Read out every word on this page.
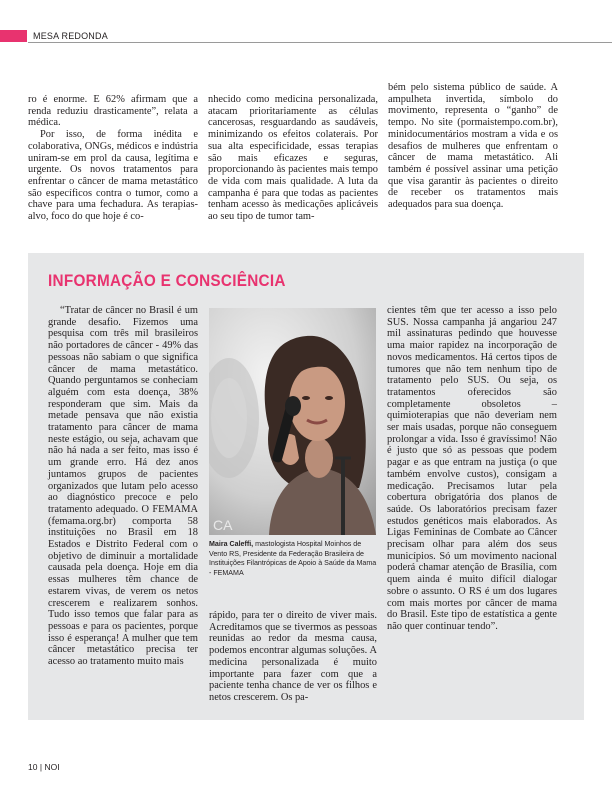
MESA REDONDA

ro é enorme. E 62% afirmam que a renda reduziu drasticamente”, relata a médica.

Por isso, de forma inédita e colaborativa, ONGs, médicos e indústria uniram-se em prol da causa, legítima e urgente. Os novos tratamentos para enfrentar o câncer de mama metastático são específicos contra o tumor, como a chave para uma fechadura. As terapias-alvo, foco do que hoje é co-

nhecido como medicina personalizada, atacam prioritariamente as células cancerosas, resguardando as saudáveis, minimizando os efeitos colaterais. Por sua alta especificidade, essas terapias são mais eficazes e seguras, proporcionando às pacientes mais tempo de vida com mais qualidade. A luta da campanha é para que todas as pacientes tenham acesso às medicações aplicáveis ao seu tipo de tumor tam-

bém pelo sistema público de saúde. A ampulheta invertida, símbolo do movimento, representa o “ganho” de tempo. No site (pormaistempo.com.br), minidocumentários mostram a vida e os desafios de mulheres que enfrentam o câncer de mama metastático. Ali também é possível assinar uma petição que visa garantir às pacientes o direito de receber os tratamentos mais adequados para sua doença.

INFORMAÇÃO E CONSCIÊNCIA

“Tratar de câncer no Brasil é um grande desafio. Fizemos uma pesquisa com três mil brasileiros não portadores de câncer - 49% das pessoas não sabiam o que significa câncer de mama metastático. Quando perguntamos se conheciam alguém com esta doença, 38% responderam que sim. Mais da metade pensava que não existia tratamento para câncer de mama neste estágio, ou seja, achavam que não há nada a ser feito, mas isso é um grande erro. Há dez anos juntamos grupos de pacientes organizados que lutam pelo acesso ao diagnóstico precoce e pelo tratamento adequado. O FEMAMA (femama.org.br) comporta 58 instituições no Brasil em 18 Estados e Distrito Federal com o objetivo de diminuir a mortalidade causada pela doença. Hoje em dia essas mulheres têm chance de estarem vivas, de verem os netos crescerem e realizarem sonhos. Tudo isso temos que falar para as pessoas e para os pacientes, porque isso é esperança! A mulher que tem câncer metastático precisa ter acesso ao tratamento muito mais

CA
Maira Caleffi, mastologista Hospital Moinhos de Vento RS, Presidente da Federação Brasileira de Instituições Filantrópicas de Apoio à Saúde da Mama - FEMAMA

rápido, para ter o direito de viver mais. Acreditamos que se tivermos as pessoas reunidas ao redor da mesma causa, podemos encontrar algumas soluções. A medicina personalizada é muito importante para fazer com que a paciente tenha chance de ver os filhos e netos crescerem. Os pa-

cientes têm que ter acesso a isso pelo SUS. Nossa campanha já angariou 247 mil assinaturas pedindo que houvesse uma maior rapidez na incorporação de novos medicamentos. Há certos tipos de tumores que não tem nenhum tipo de tratamento pelo SUS. Ou seja, os tratamentos oferecidos são completamente obsoletos – quimioterapias que não deveriam nem ser mais usadas, porque não conseguem prolongar a vida. Isso é gravíssimo! Não é justo que só as pessoas que podem pagar e as que entram na justiça (o que também envolve custos), consigam a medicação. Precisamos lutar pela cobertura obrigatória dos planos de saúde. Os laboratórios precisam fazer estudos genéticos mais elaborados. As Ligas Femininas de Combate ao Câncer precisam olhar para além dos seus municípios. Só um movimento nacional poderá chamar atenção de Brasília, com quem ainda é muito difícil dialogar sobre o assunto. O RS é um dos lugares com mais mortes por câncer de mama do Brasil. Este tipo de estatística a gente não quer continuar tendo”.

10 | NOI
